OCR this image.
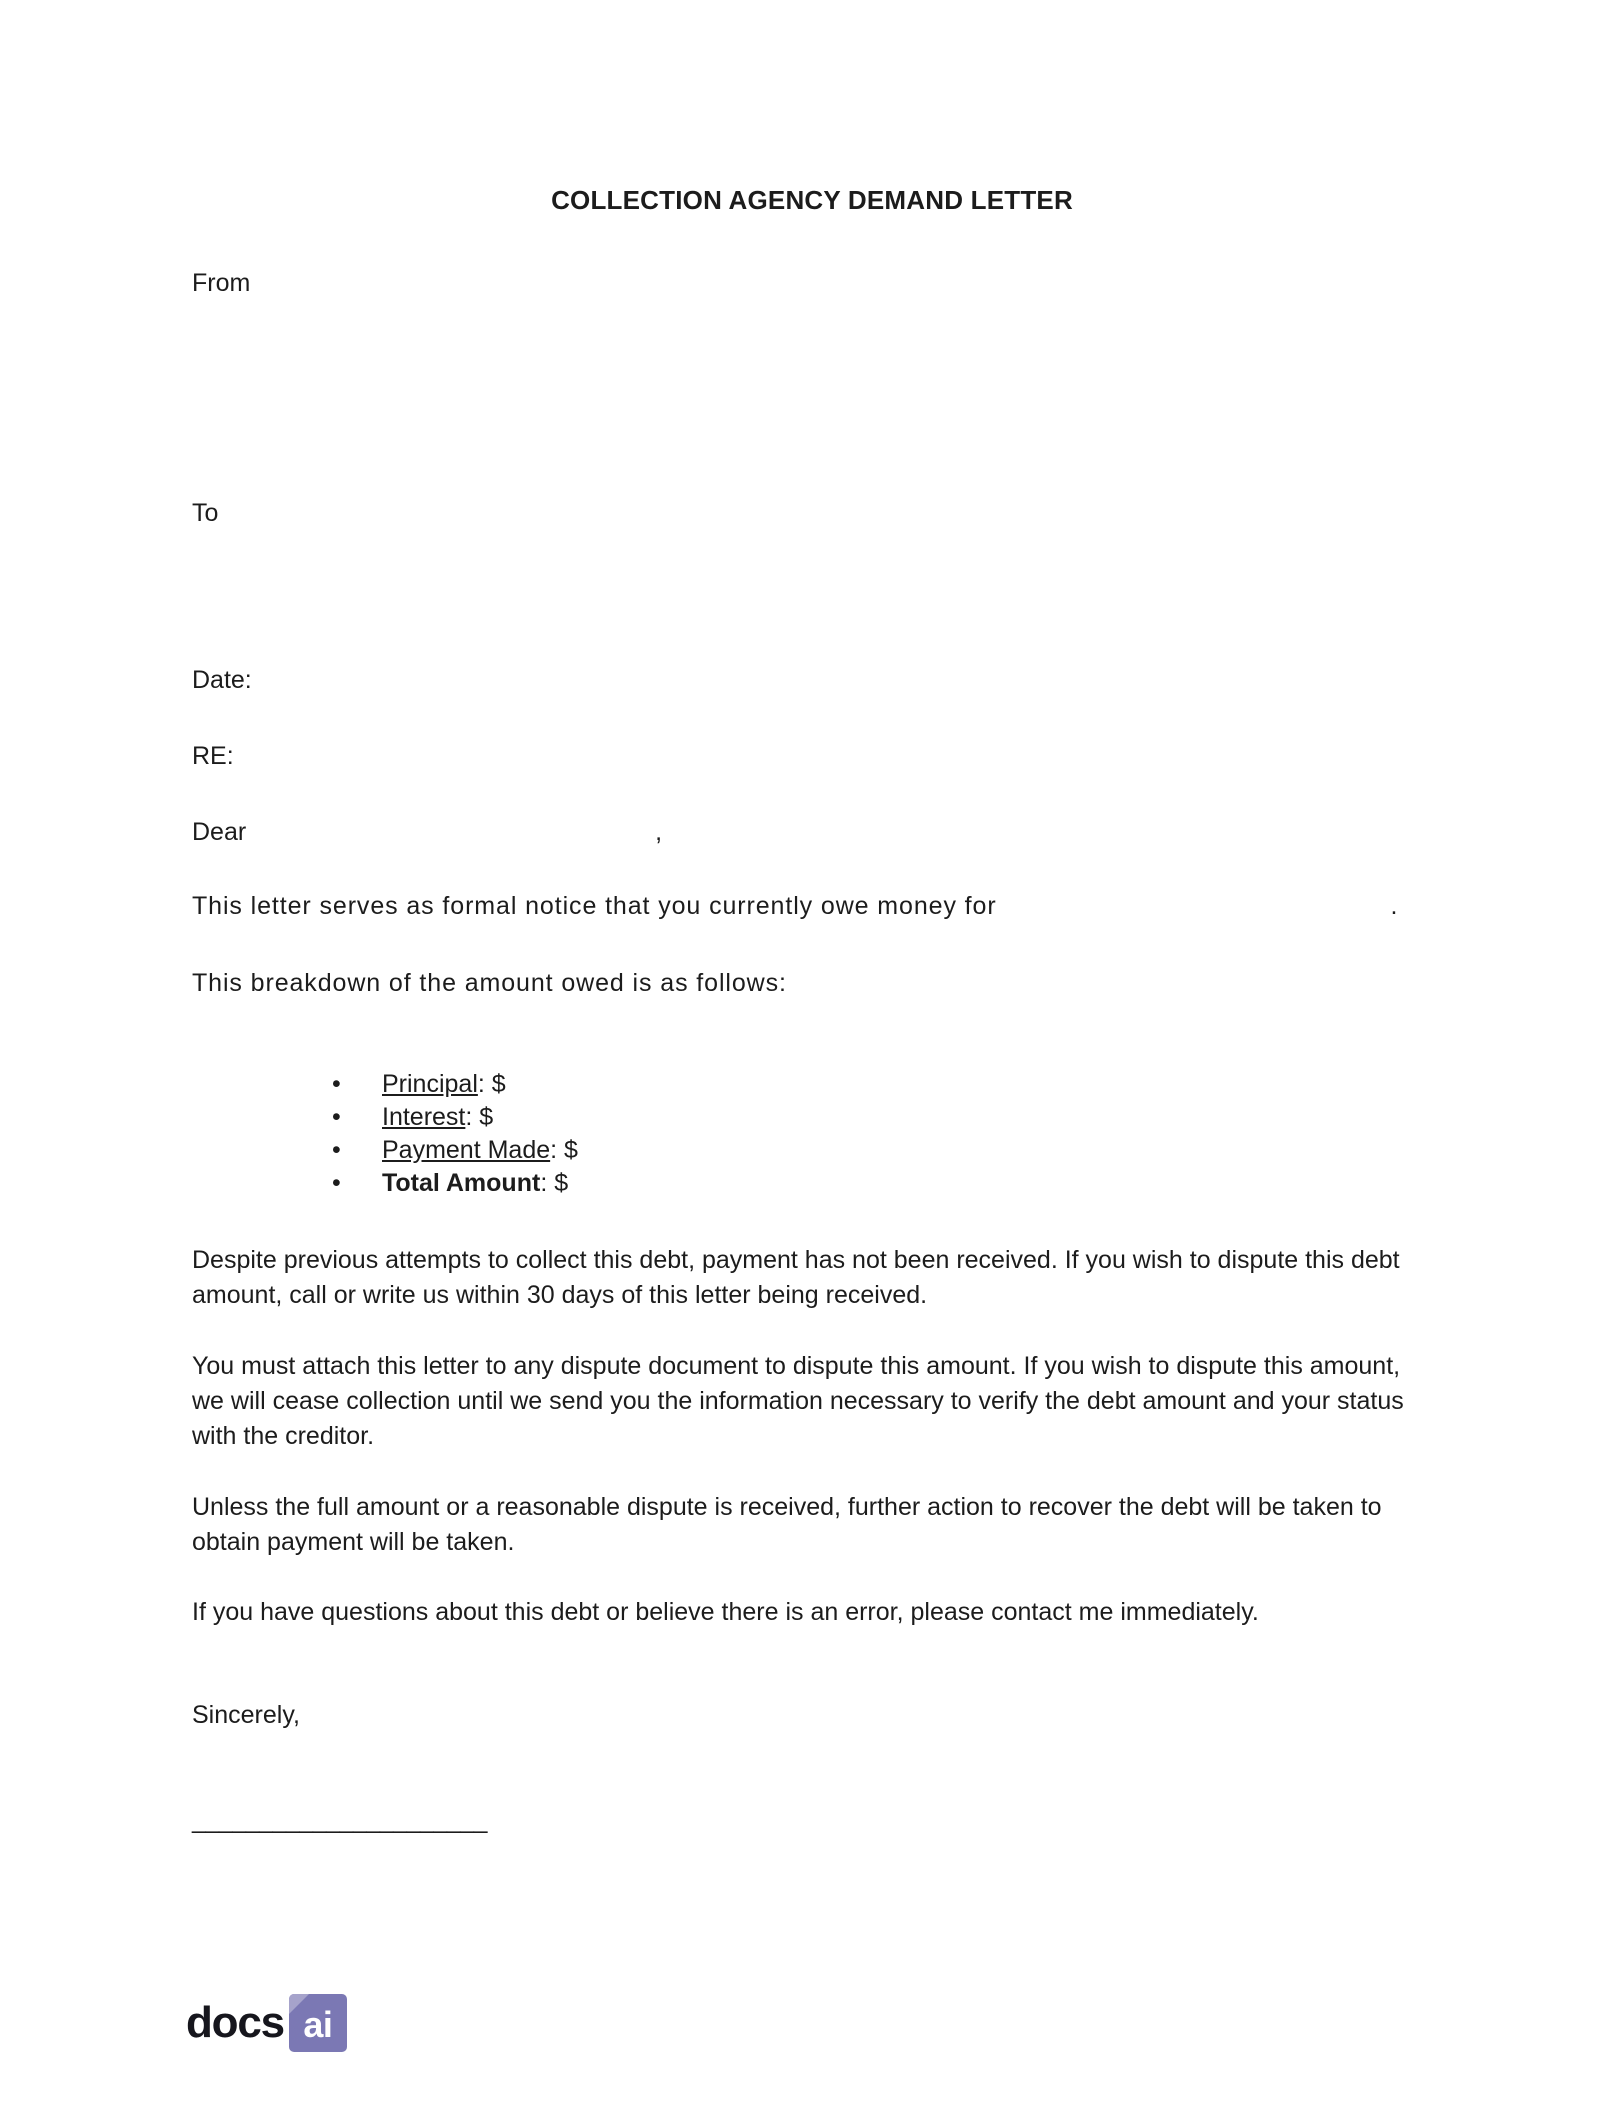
COLLECTION AGENCY DEMAND LETTER
From
To
Date:
RE:
Dear	,
This letter serves as formal notice that you currently owe money for	.
This breakdown of the amount owed is as follows:
• Principal: $
• Interest: $
• Payment Made: $
• Total Amount: $

Despite previous attempts to collect this debt, payment has not been received. If you wish to dispute this debt amount, call or write us within 30 days of this letter being received.

You must attach this letter to any dispute document to dispute this amount. If you wish to dispute this amount, we will cease collection until we send you the information necessary to verify the debt amount and your status with the creditor.

Unless the full amount or a reasonable dispute is received, further action to recover the debt will be taken to obtain payment will be taken.

If you have questions about this debt or believe there is an error, please contact me immediately.

Sincerely,
______________________
docs ai
